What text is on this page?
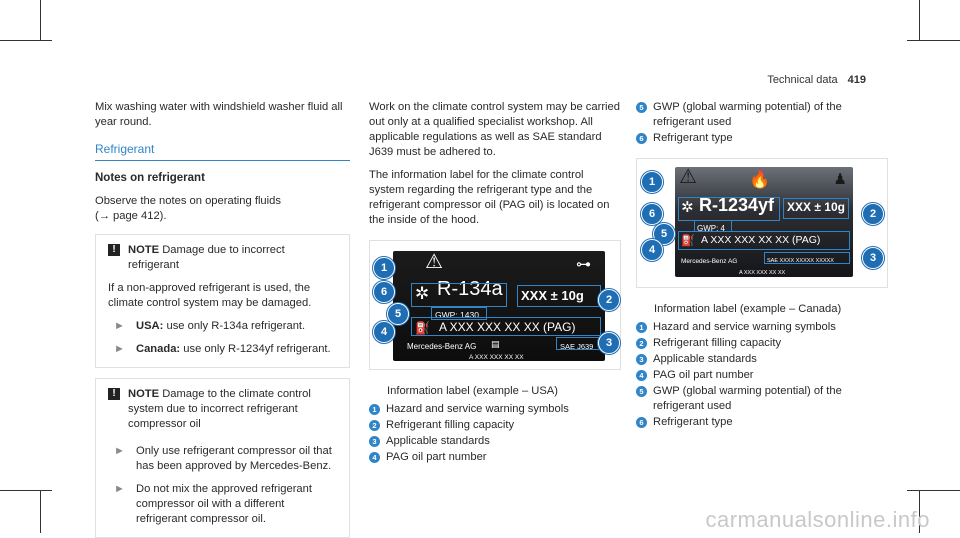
Technical data 419

Mix washing water with windshield washer fluid all year round.

Refrigerant

Notes on refrigerant

Observe the notes on operating fluids

(→ page 412).

!	NOTE Damage due to incorrect refrigerant
If a non-approved refrigerant is used, the climate control system may be damaged.
► USA: use only R-134a refrigerant.
► Canada: use only R-1234yf refrigerant.
!	NOTE Damage to the climate control system due to incorrect refrigerant compressor oil
► Only use refrigerant compressor oil that has been approved by Mercedes-Benz.
► Do not mix the approved refrigerant compressor oil with a different refrigerant compressor oil.

Work on the climate control system may be carried out only at a qualified specialist workshop. All applicable regulations as well as SAE standard J639 must be adhered to.

The information label for the climate control system regarding the refrigerant type and the refrigerant compressor oil (PAG oil) is located on the inside of the hood.

⚠	⊶
✲ R-134a XXX ± 10g
GWP: 1430
⛽ A XXX XXX XX XX (PAG)
Mercedes-Benz AG ▤	SAE J639
A XXX XXX XX XX
1
6
5
4
2
3

Information label (example – USA)

1 Hazard and service warning symbols
2 Refrigerant filling capacity
3 Applicable standards
4 PAG oil part number
5 GWP (global warming potential) of the refrigerant used
6 Refrigerant type
⚠	🔥	♟
✲ R-1234yf XXX ± 10g
GWP: 4
⛽ A XXX XXX XX XX (PAG)
Mercedes-Benz AG	SAE XXXX XXXXX XXXXX
A XXX XXX XX XX
1
6
5
4
2
3

Information label (example – Canada)

1 Hazard and service warning symbols
2 Refrigerant filling capacity
3 Applicable standards
4 PAG oil part number
5 GWP (global warming potential) of the refrigerant used
6 Refrigerant type
carmanualsonline.info
